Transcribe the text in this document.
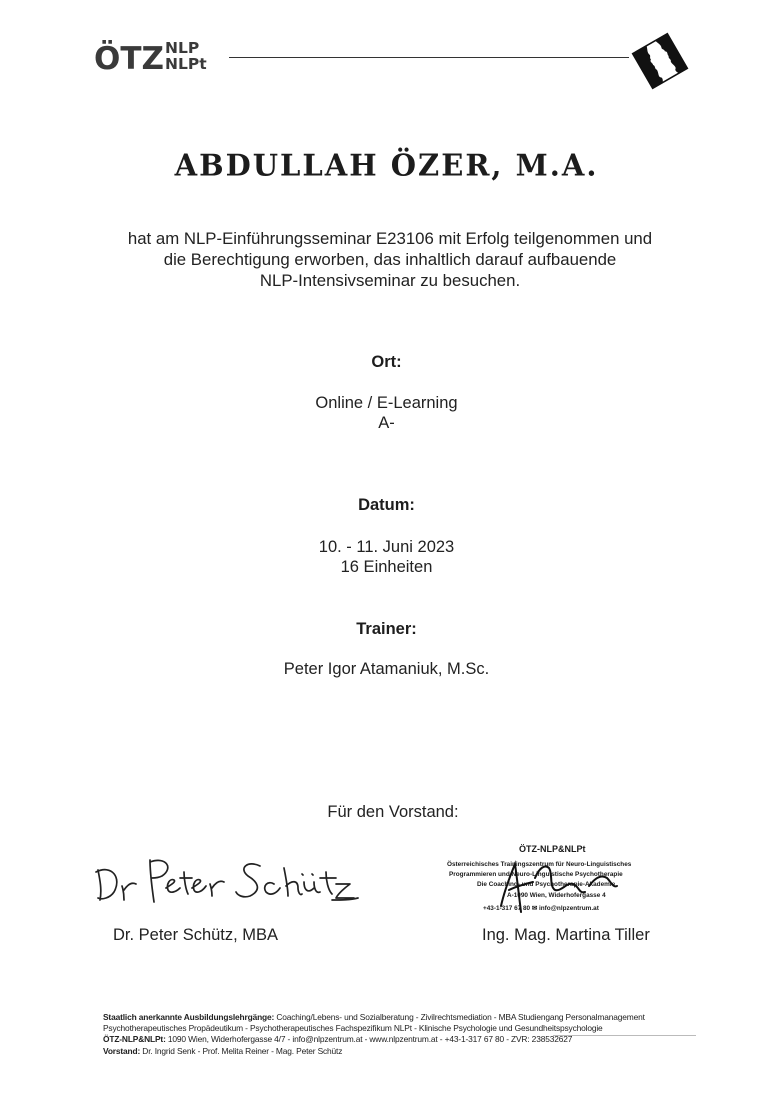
ÖTZ NLP
NLPt
ABDULLAH ÖZER, M.A.
hat am NLP-Einführungsseminar E23106 mit Erfolg teilgenommen und
die Berechtigung erworben, das inhaltlich darauf aufbauende
NLP-Intensivseminar zu besuchen.
Ort:
Online / E-Learning
A-
Datum:
10. - 11. Juni 2023
16 Einheiten
Trainer:
Peter Igor Atamaniuk, M.Sc.
Für den Vorstand:
ÖTZ-NLP&NLPt
Österreichisches Trainingszentrum für Neuro-Linguistisches
Programmieren und Neuro-Linguistische Psychotherapie
Die Coaching- und Psychotherapie-Akademie
A-1090 Wien, Widerhofergasse 4
+43-1-317 67 80 ✉ info@nlpzentrum.at
Dr. Peter Schütz, MBA	Ing. Mag. Martina Tiller
Staatlich anerkannte Ausbildungslehrgänge: Coaching/Lebens- und Sozialberatung - Zivilrechtsmediation - MBA Studiengang Personalmanagement
Psychotherapeutisches Propädeutikum - Psychotherapeutisches Fachspezifikum NLPt - Klinische Psychologie und Gesundheitspsychologie
ÖTZ-NLP&NLPt: 1090 Wien, Widerhofergasse 4/7 - info@nlpzentrum.at - www.nlpzentrum.at - +43-1-317 67 80 - ZVR: 238532627
Vorstand: Dr. Ingrid Senk - Prof. Melita Reiner - Mag. Peter Schütz
